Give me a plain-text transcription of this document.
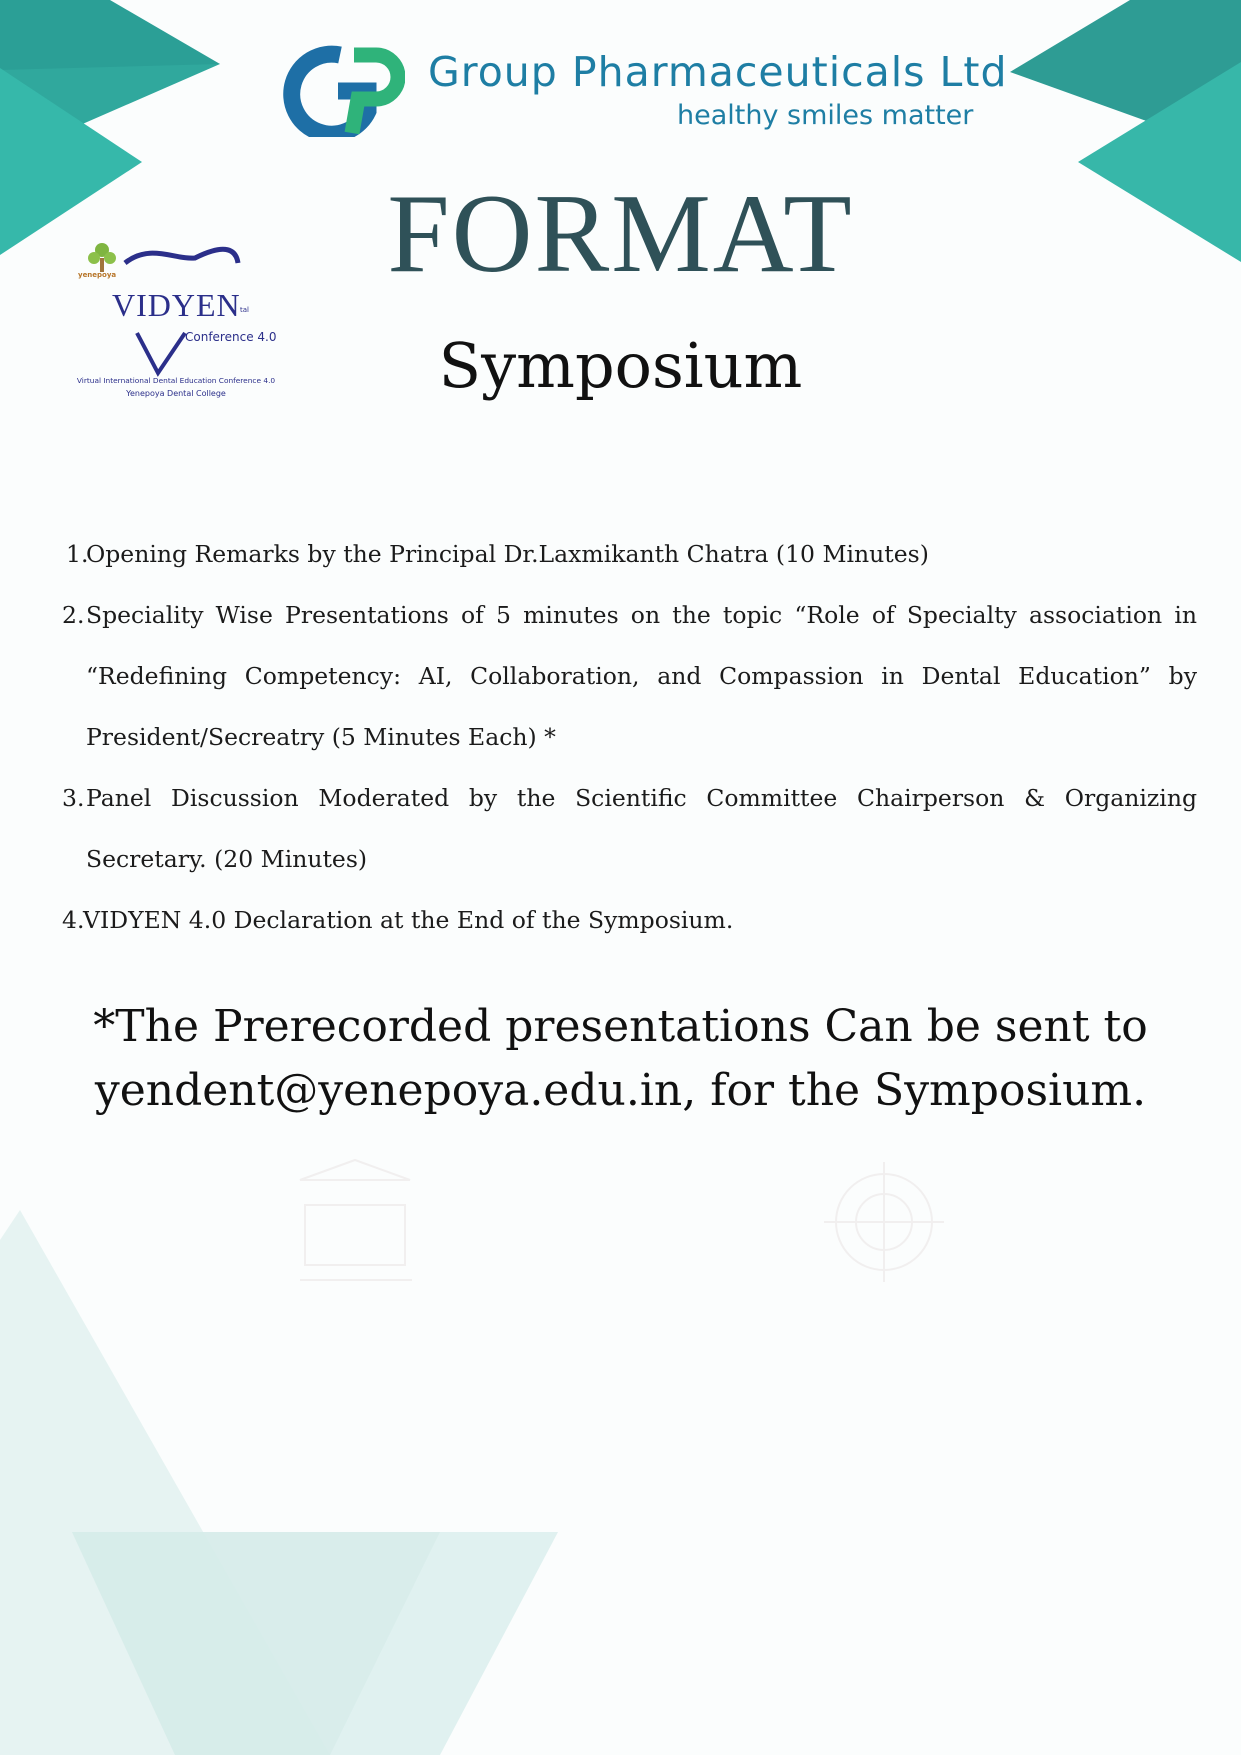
Group Pharmaceuticals Ltd
healthy smiles matter
yenepoya
VIDYEN tal
Conference 4.0
Virtual International Dental Education Conference 4.0
Yenepoya Dental College
FORMAT
Symposium
1.
Opening Remarks by the Principal Dr.Laxmikanth Chatra (10 Minutes)
2. Speciality Wise Presentations of 5 minutes on the topic “Role of Specialty association in “Redefining Competency: AI, Collaboration, and Compassion in Dental Education” by President/Secreatry (5 Minutes Each) *
3. Panel Discussion Moderated by the Scientific Committee Chairperson & Organizing Secretary. (20 Minutes)
4.
VIDYEN 4.0 Declaration at the End of the Symposium.
*The Prerecorded presentations Can be sent to
yendent@yenepoya.edu.in, for the Symposium.
